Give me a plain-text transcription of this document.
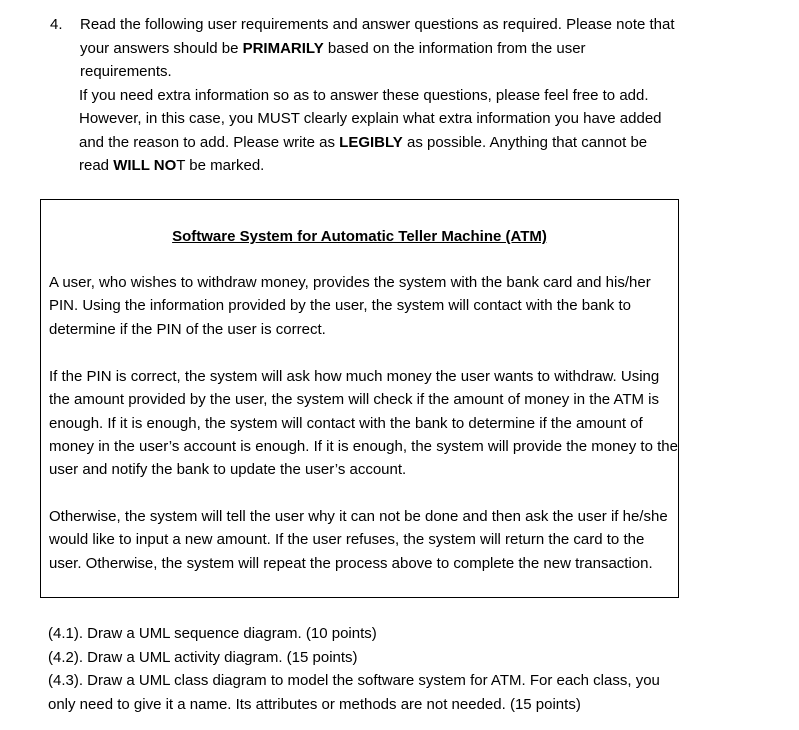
4. Read the following user requirements and answer questions as required. Please note that
your answers should be PRIMARILY based on the information from the user
requirements.
If you need extra information so as to answer these questions, please feel free to add.
However, in this case, you MUST clearly explain what extra information you have added
and the reason to add. Please write as LEGIBLY as possible. Anything that cannot be
read WILL NOT be marked.
Software System for Automatic Teller Machine (ATM)
A user, who wishes to withdraw money, provides the system with the bank card and his/her
PIN. Using the information provided by the user, the system will contact with the bank to
determine if the PIN of the user is correct.
If the PIN is correct, the system will ask how much money the user wants to withdraw. Using
the amount provided by the user, the system will check if the amount of money in the ATM is
enough. If it is enough, the system will contact with the bank to determine if the amount of
money in the user’s account is enough. If it is enough, the system will provide the money to the
user and notify the bank to update the user’s account.
Otherwise, the system will tell the user why it can not be done and then ask the user if he/she
would like to input a new amount. If the user refuses, the system will return the card to the
user. Otherwise, the system will repeat the process above to complete the new transaction.
(4.1). Draw a UML sequence diagram. (10 points)
(4.2). Draw a UML activity diagram. (15 points)
(4.3). Draw a UML class diagram to model the software system for ATM. For each class, you
only need to give it a name. Its attributes or methods are not needed. (15 points)
